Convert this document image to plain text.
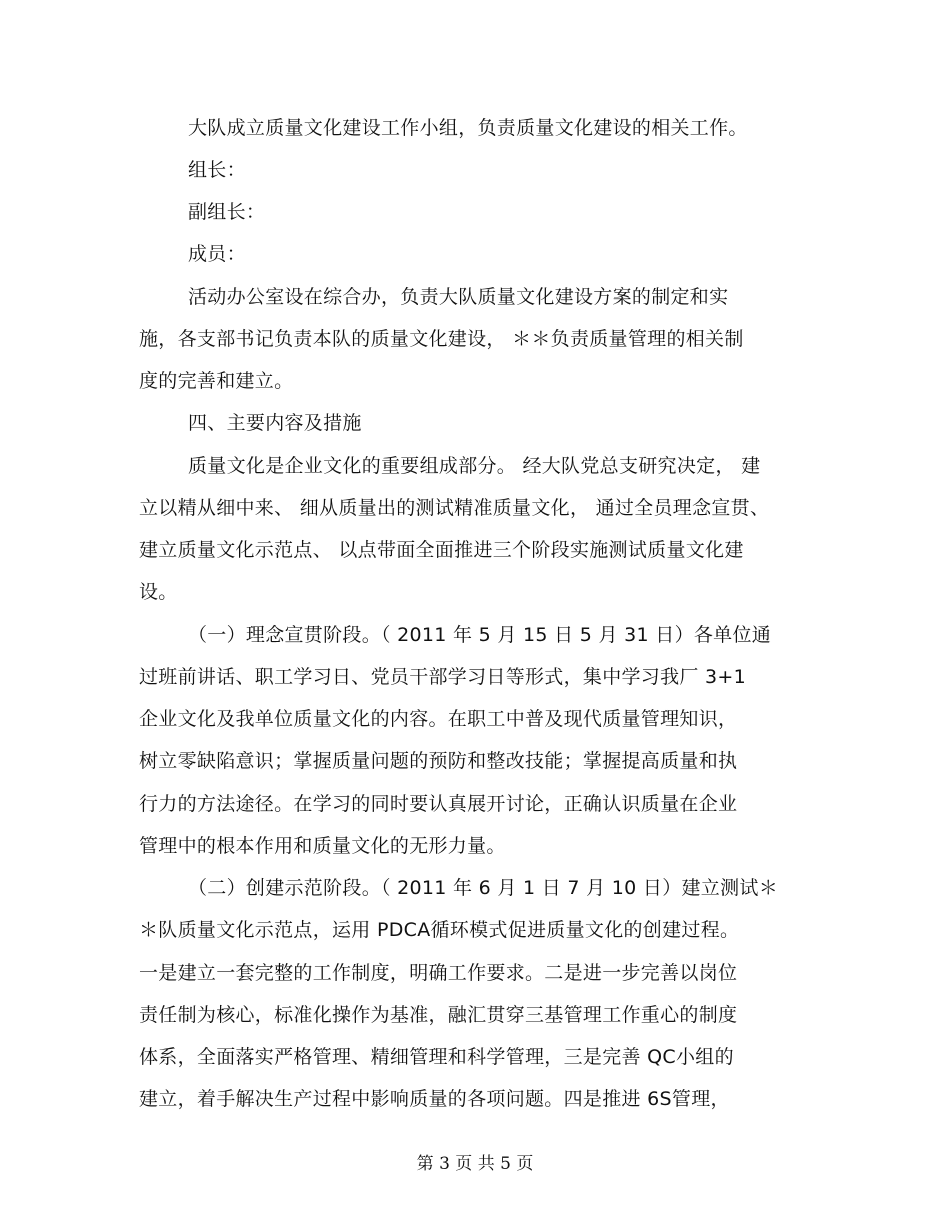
大队成立质量文化建设工作小组，负责质量文化建设的相关工作。
组长：
副组长：
成员：
活动办公室设在综合办，负责大队质量文化建设方案的制定和实
施，各支部书记负责本队的质量文化建设， ＊＊负责质量管理的相关制
度的完善和建立。
四、主要内容及措施
质量文化是企业文化的重要组成部分。 经大队党总支研究决定， 建
立以精从细中来、 细从质量出的测试精准质量文化， 通过全员理念宣贯、
建立质量文化示范点、 以点带面全面推进三个阶段实施测试质量文化建
设。
（一）理念宣贯阶段。（ 2011 年 5 月 15 日 5 月 31 日）各单位通
过班前讲话、职工学习日、党员干部学习日等形式，集中学习我厂 3+1
企业文化及我单位质量文化的内容。在职工中普及现代质量管理知识，
树立零缺陷意识；掌握质量问题的预防和整改技能；掌握提高质量和执
行力的方法途径。在学习的同时要认真展开讨论，正确认识质量在企业
管理中的根本作用和质量文化的无形力量。
（二）创建示范阶段。（ 2011 年 6 月 1 日 7 月 10 日）建立测试＊
＊队质量文化示范点，运用 PDCA循环模式促进质量文化的创建过程。
一是建立一套完整的工作制度，明确工作要求。二是进一步完善以岗位
责任制为核心，标准化操作为基准，融汇贯穿三基管理工作重心的制度
体系，全面落实严格管理、精细管理和科学管理，三是完善 QC小组的
建立，着手解决生产过程中影响质量的各项问题。四是推进 6S管理，
第 3 页 共 5 页
